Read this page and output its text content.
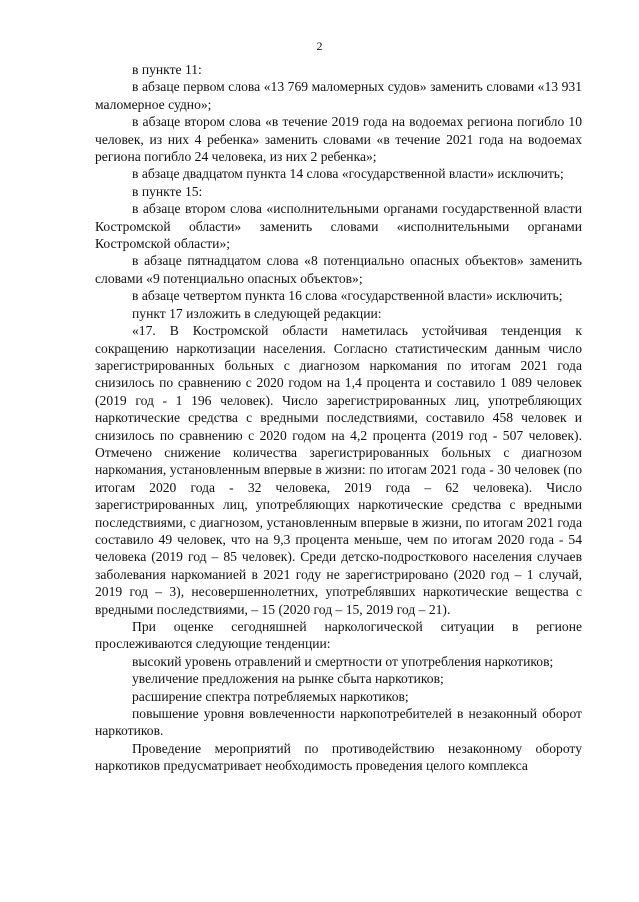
2

в пункте 11:

в абзаце первом слова «13 769 маломерных судов» заменить словами «13 931 маломерное судно»;

в абзаце втором слова «в течение 2019 года на водоемах региона погибло 10 человек, из них 4 ребенка» заменить словами «в течение 2021 года на водоемах региона погибло 24 человека, из них 2 ребенка»;

в абзаце двадцатом пункта 14 слова «государственной власти» исключить;

в пункте 15:

в абзаце втором слова «исполнительными органами государственной власти Костромской области» заменить словами «исполнительными органами Костромской области»;

в абзаце пятнадцатом слова «8 потенциально опасных объектов» заменить словами «9 потенциально опасных объектов»;

в абзаце четвертом пункта 16 слова «государственной власти» исключить;

пункт 17 изложить в следующей редакции:

«17. В Костромской области наметилась устойчивая тенденция к сокращению наркотизации населения. Согласно статистическим данным число зарегистрированных больных с диагнозом наркомания по итогам 2021 года снизилось по сравнению с 2020 годом на 1,4 процента и составило 1 089 человек (2019 год - 1 196 человек). Число зарегистрированных лиц, употребляющих наркотические средства с вредными последствиями, составило 458 человек и снизилось по сравнению с 2020 годом на 4,2 процента (2019 год - 507 человек). Отмечено снижение количества зарегистрированных больных с диагнозом наркомания, установленным впервые в жизни: по итогам 2021 года - 30 человек (по итогам 2020 года - 32 человека, 2019 года – 62 человека). Число зарегистрированных лиц, употребляющих наркотические средства с вредными последствиями, с диагнозом, установленным впервые в жизни, по итогам 2021 года составило 49 человек, что на 9,3 процента меньше, чем по итогам 2020 года - 54 человека (2019 год – 85 человек). Среди детско-подросткового населения случаев заболевания наркоманией в 2021 году не зарегистрировано (2020 год – 1 случай, 2019 год – 3), несовершеннолетних, употреблявших наркотические вещества с вредными последствиями, – 15 (2020 год – 15, 2019 год – 21).

При оценке сегодняшней наркологической ситуации в регионе прослеживаются следующие тенденции:

высокий уровень отравлений и смертности от употребления наркотиков;

увеличение предложения на рынке сбыта наркотиков;

расширение спектра потребляемых наркотиков;

повышение уровня вовлеченности наркопотребителей в незаконный оборот наркотиков.

Проведение мероприятий по противодействию незаконному обороту наркотиков предусматривает необходимость проведения целого комплекса
